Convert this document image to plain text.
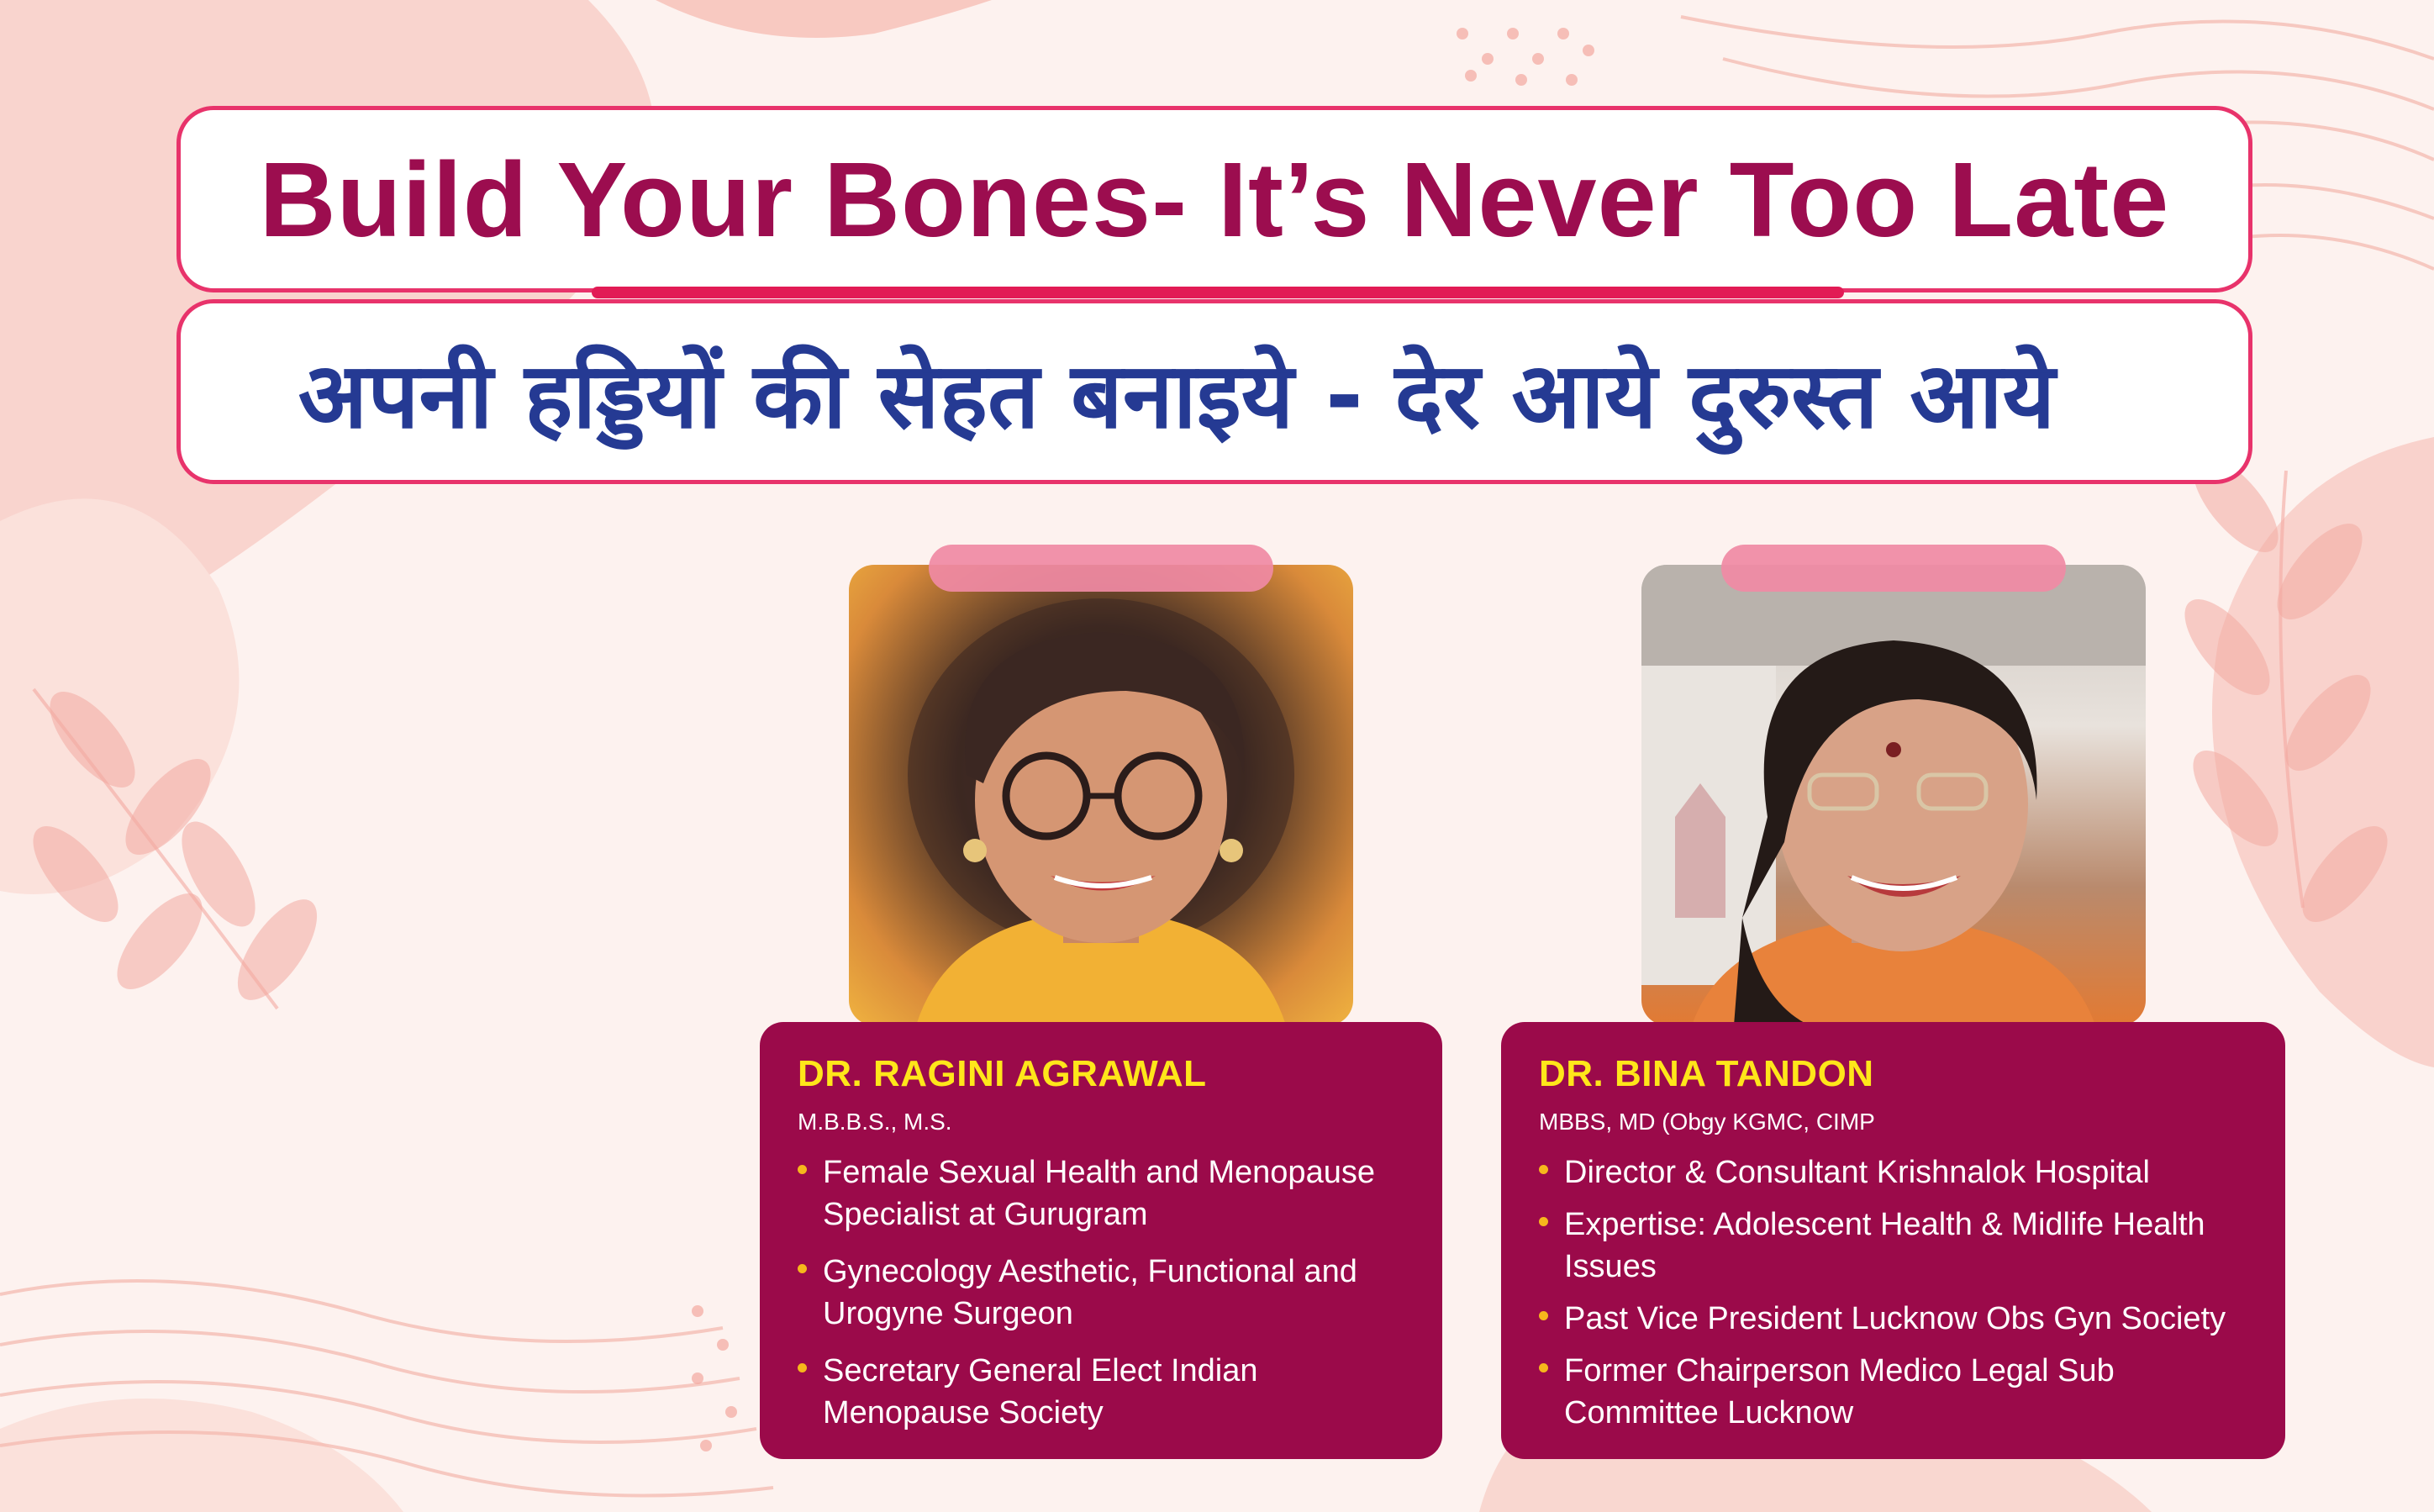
Build Your Bones- It’s Never Too Late
अपनी हड्डियों की सेहत बनाइये - देर आये दुरुस्त आये
DR. RAGINI AGRAWAL
M.B.B.S., M.S.
Female Sexual Health and Menopause Specialist at Gurugram
Gynecology Aesthetic, Functional and Urogyne Surgeon
Secretary General Elect Indian Menopause Society
DR. BINA TANDON
MBBS, MD (Obgy KGMC, CIMP
Director & Consultant Krishnalok Hospital
Expertise: Adolescent Health & Midlife Health Issues
Past Vice President Lucknow Obs Gyn Society
Former Chairperson Medico Legal Sub Committee Lucknow
